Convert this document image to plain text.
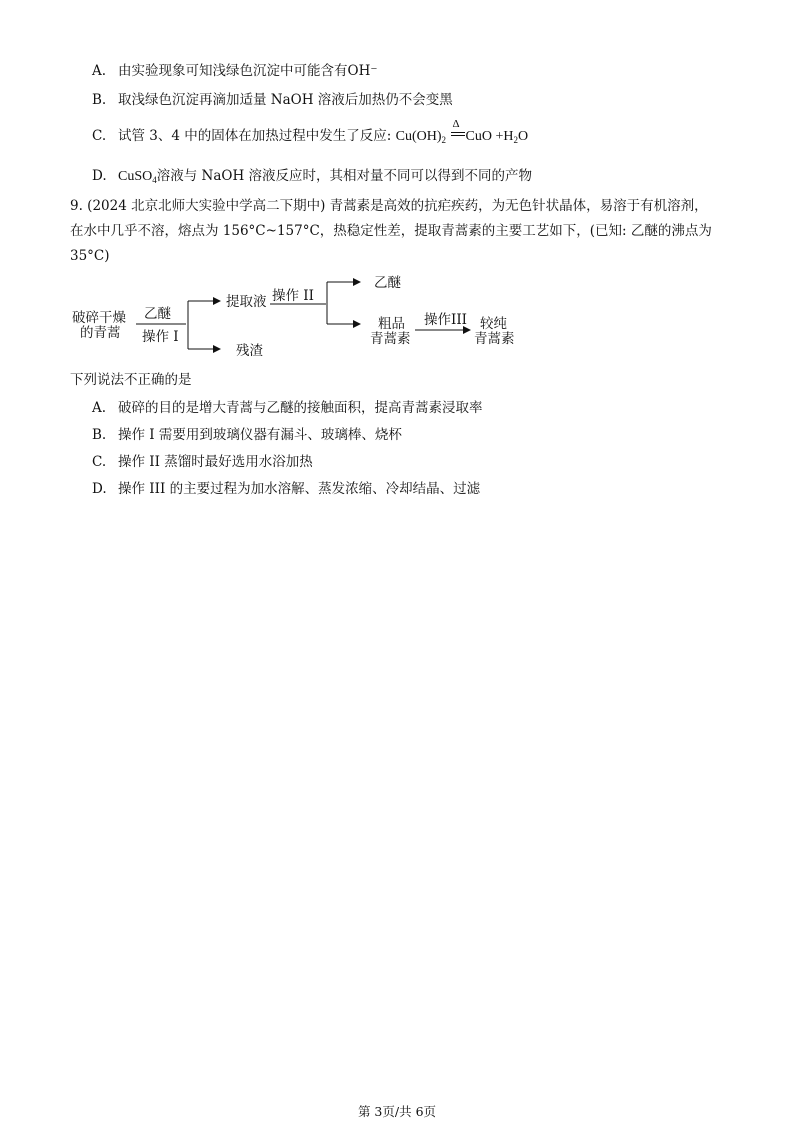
A. 由实验现象可知浅绿色沉淀中可能含有OH⁻
B. 取浅绿色沉淀再滴加适量 NaOH 溶液后加热仍不会变黑
C. 试管 3、4 中的固体在加热过程中发生了反应: $Cu(OH)_2$
Δ
CuO $+H_2O$
D. CuSO$_4$溶液与 NaOH 溶液反应时，其相对量不同可以得到不同的产物
9. (2024 北京北师大实验中学高二下期中) 青蒿素是高效的抗疟疾药，为无色针状晶体，易溶于有机溶剂，
在水中几乎不溶，熔点为 156°C~157°C，热稳定性差，提取青蒿素的主要工艺如下，(已知: 乙醚的沸点为
35°C)
破碎干燥
的青蒿
乙醚
操作 I
提取液
残渣
操作 II
乙醚
粗品
青蒿素
操作III 较纯
青蒿素
下列说法不正确的是
A. 破碎的目的是增大青蒿与乙醚的接触面积，提高青蒿素浸取率
B. 操作 I 需要用到玻璃仪器有漏斗、玻璃棒、烧杯
C. 操作 II 蒸馏时最好选用水浴加热
D. 操作 III 的主要过程为加水溶解、蒸发浓缩、冷却结晶、过滤
第 3页/共 6页
